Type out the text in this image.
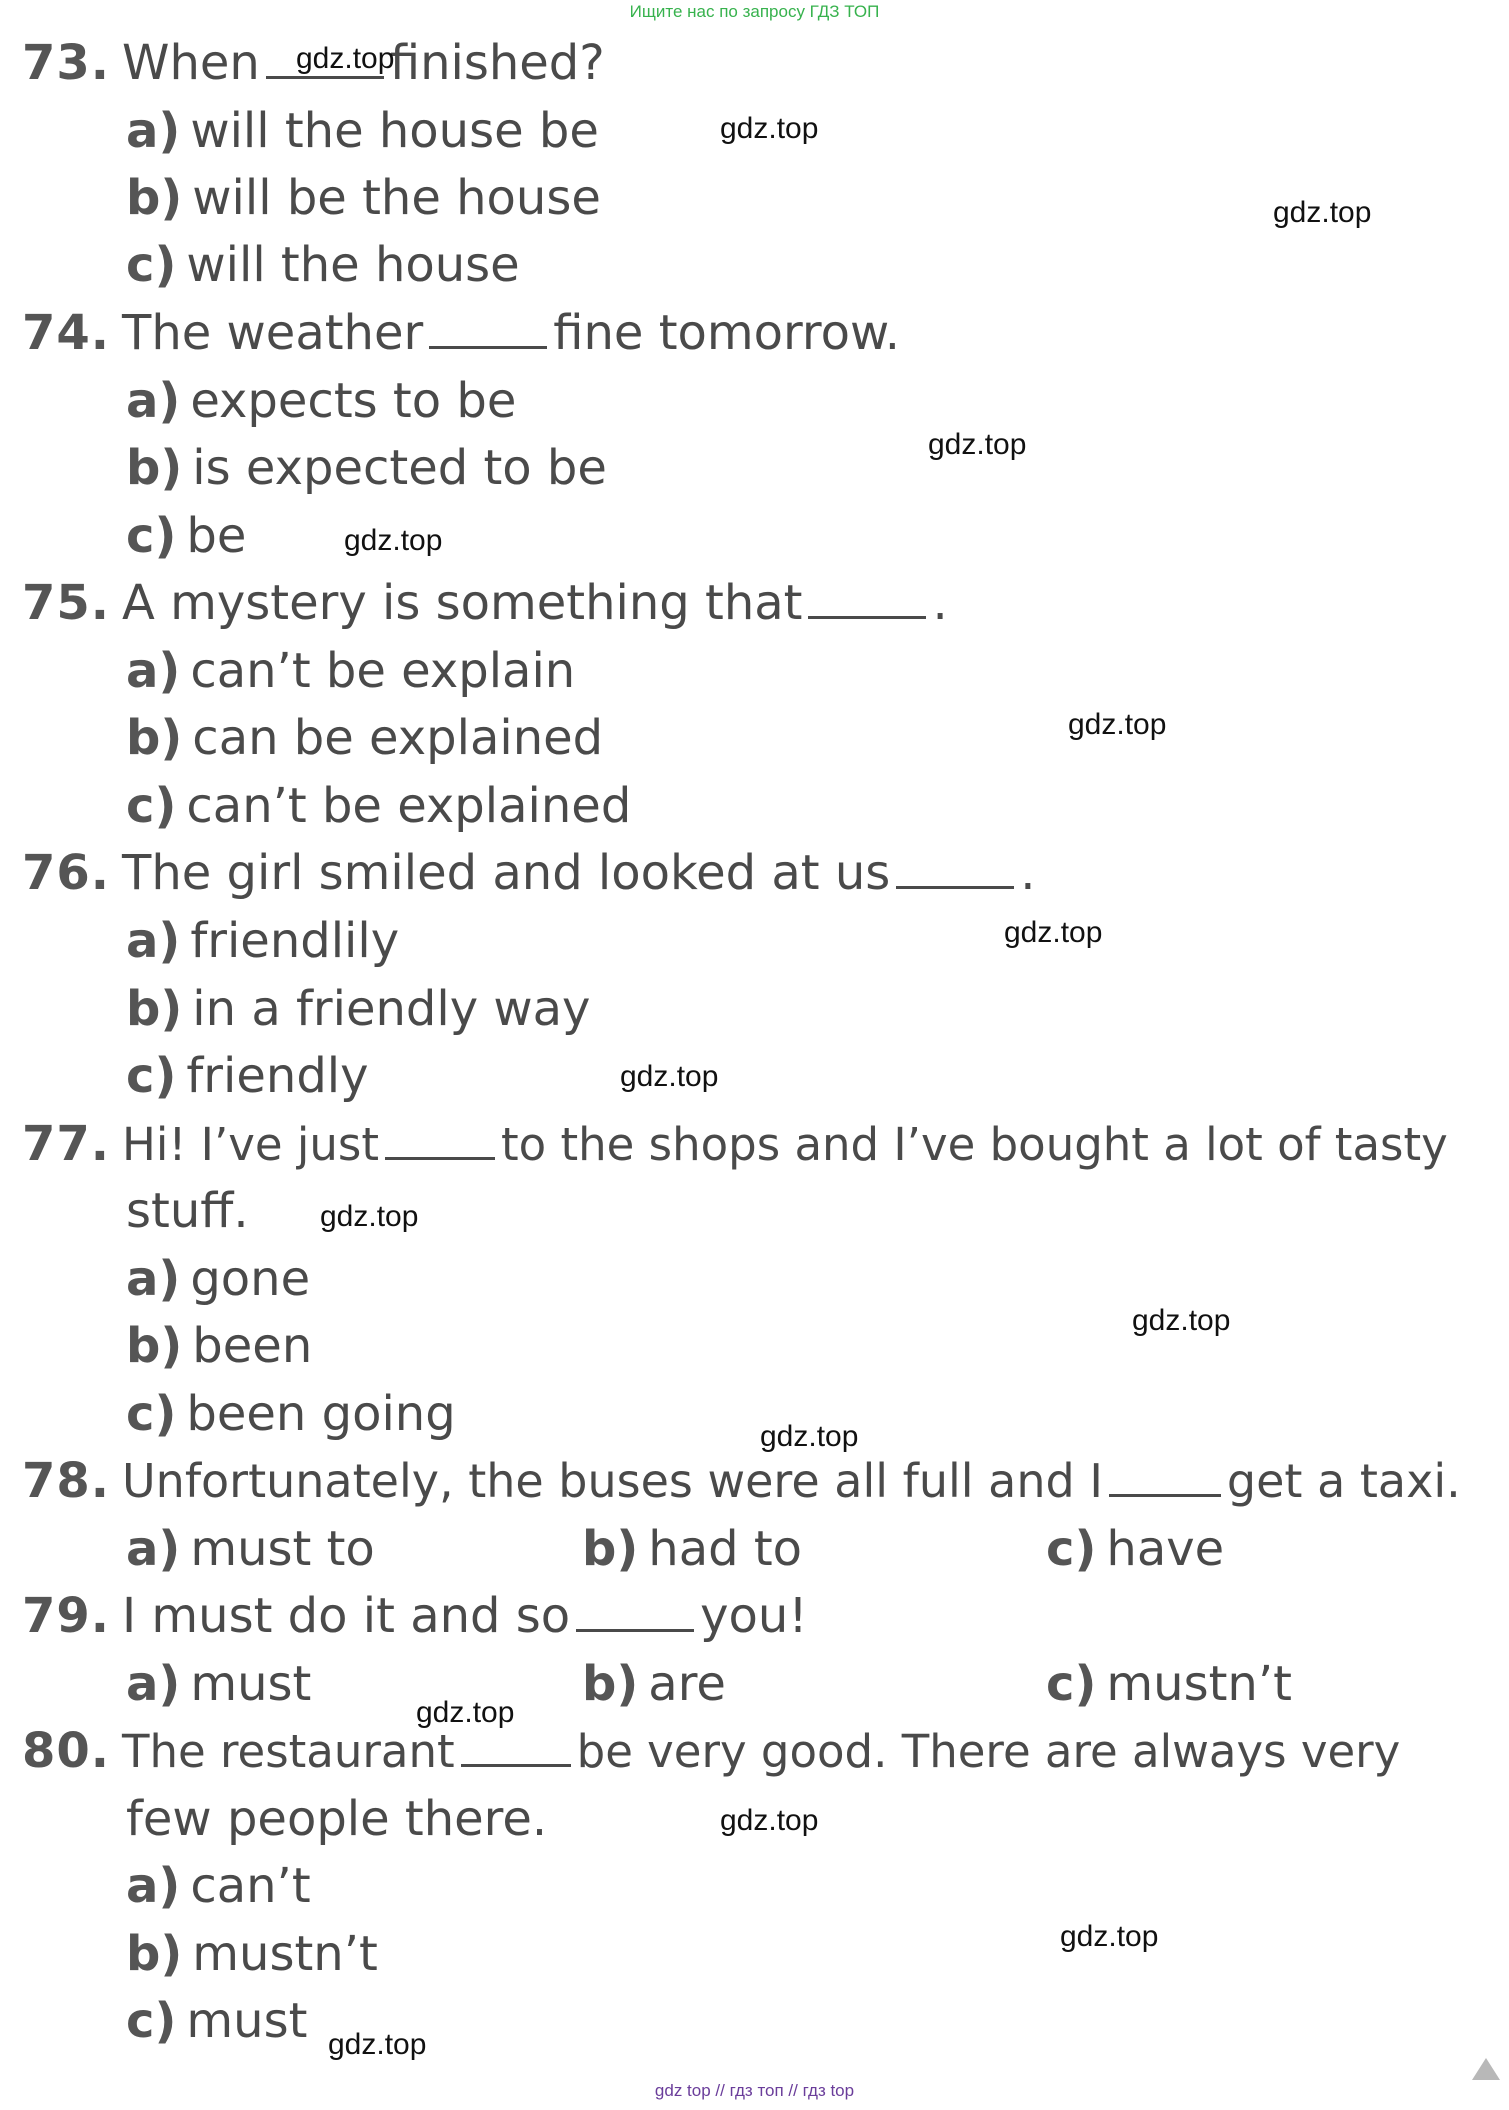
Ищите нас по запросу ГДЗ ТОП
73. When	finished?
a) will the house be
b) will be the house
c) will the house
74. The weather	fine tomorrow.
a) expects to be
b) is expected to be
c) be
75. A mystery is something that	.
a) can’t be explain
b) can be explained
c) can’t be explained
76. The girl smiled and looked at us	.
a) friendlily
b) in a friendly way
c) friendly
77. Hi! I’ve just	to the shops and I’ve bought a lot of tasty
stuff.
a) gone
b) been
c) been going
78. Unfortunately, the buses were all full and I	get a taxi.
a) must to	b) had to	c) have
79. I must do it and so	you!
a) must	b) are	c) mustn’t
80. The restaurant	be very good. There are always very
few people there.
a) can’t
b) mustn’t
c) must
gdz.top
gdz.top
gdz.top
gdz.top
gdz.top
gdz.top
gdz.top
gdz.top
gdz.top
gdz.top
gdz.top
gdz.top
gdz.top
gdz.top
gdz.top
gdz top // гдз топ // гдз top
